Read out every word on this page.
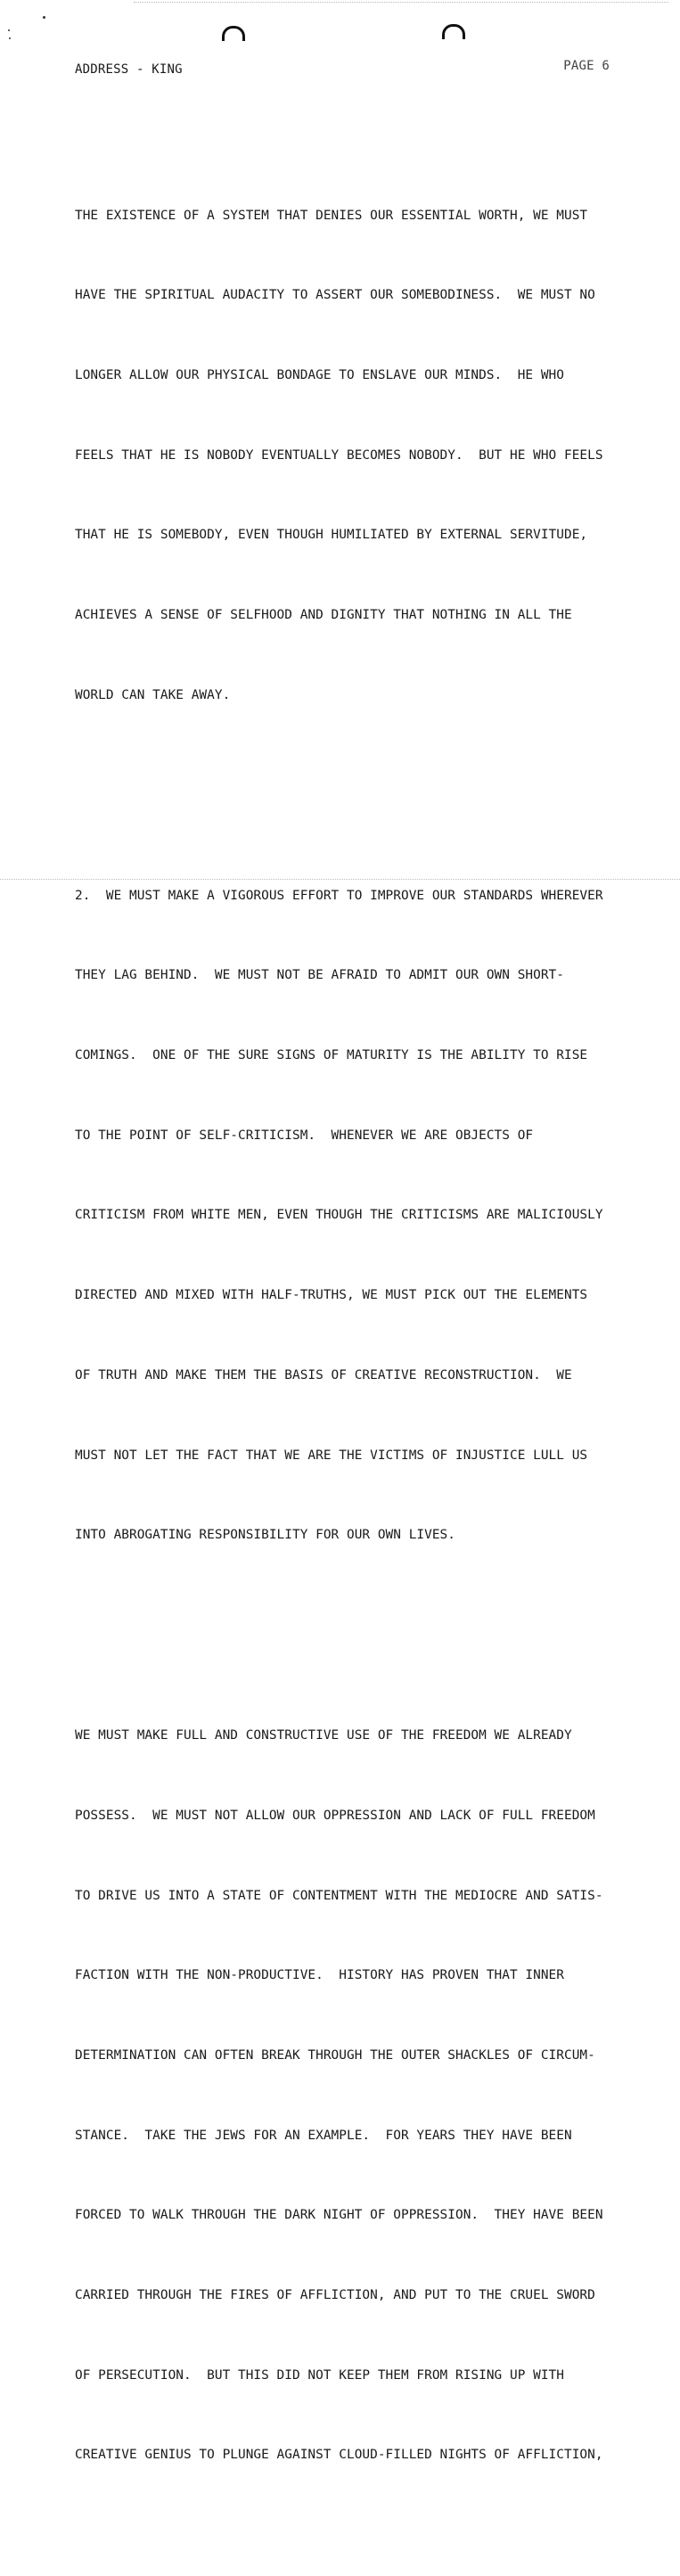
ADDRESS - KING	PAGE 6

THE EXISTENCE OF A SYSTEM THAT DENIES OUR ESSENTIAL WORTH, WE MUST

HAVE THE SPIRITUAL AUDACITY TO ASSERT OUR SOMEBODINESS.  WE MUST NO

LONGER ALLOW OUR PHYSICAL BONDAGE TO ENSLAVE OUR MINDS.  HE WHO

FEELS THAT HE IS NOBODY EVENTUALLY BECOMES NOBODY.  BUT HE WHO FEELS

THAT HE IS SOMEBODY, EVEN THOUGH HUMILIATED BY EXTERNAL SERVITUDE,

ACHIEVES A SENSE OF SELFHOOD AND DIGNITY THAT NOTHING IN ALL THE

WORLD CAN TAKE AWAY.

2.  WE MUST MAKE A VIGOROUS EFFORT TO IMPROVE OUR STANDARDS WHEREVER

THEY LAG BEHIND.  WE MUST NOT BE AFRAID TO ADMIT OUR OWN SHORT-

COMINGS.  ONE OF THE SURE SIGNS OF MATURITY IS THE ABILITY TO RISE

TO THE POINT OF SELF-CRITICISM.  WHENEVER WE ARE OBJECTS OF

CRITICISM FROM WHITE MEN, EVEN THOUGH THE CRITICISMS ARE MALICIOUSLY

DIRECTED AND MIXED WITH HALF-TRUTHS, WE MUST PICK OUT THE ELEMENTS

OF TRUTH AND MAKE THEM THE BASIS OF CREATIVE RECONSTRUCTION.  WE

MUST NOT LET THE FACT THAT WE ARE THE VICTIMS OF INJUSTICE LULL US

INTO ABROGATING RESPONSIBILITY FOR OUR OWN LIVES.

WE MUST MAKE FULL AND CONSTRUCTIVE USE OF THE FREEDOM WE ALREADY

POSSESS.  WE MUST NOT ALLOW OUR OPPRESSION AND LACK OF FULL FREEDOM

TO DRIVE US INTO A STATE OF CONTENTMENT WITH THE MEDIOCRE AND SATIS-

FACTION WITH THE NON-PRODUCTIVE.  HISTORY HAS PROVEN THAT INNER

DETERMINATION CAN OFTEN BREAK THROUGH THE OUTER SHACKLES OF CIRCUM-

STANCE.  TAKE THE JEWS FOR AN EXAMPLE.  FOR YEARS THEY HAVE BEEN

FORCED TO WALK THROUGH THE DARK NIGHT OF OPPRESSION.  THEY HAVE BEEN

CARRIED THROUGH THE FIRES OF AFFLICTION, AND PUT TO THE CRUEL SWORD

OF PERSECUTION.  BUT THIS DID NOT KEEP THEM FROM RISING UP WITH

CREATIVE GENIUS TO PLUNGE AGAINST CLOUD-FILLED NIGHTS OF AFFLICTION,
